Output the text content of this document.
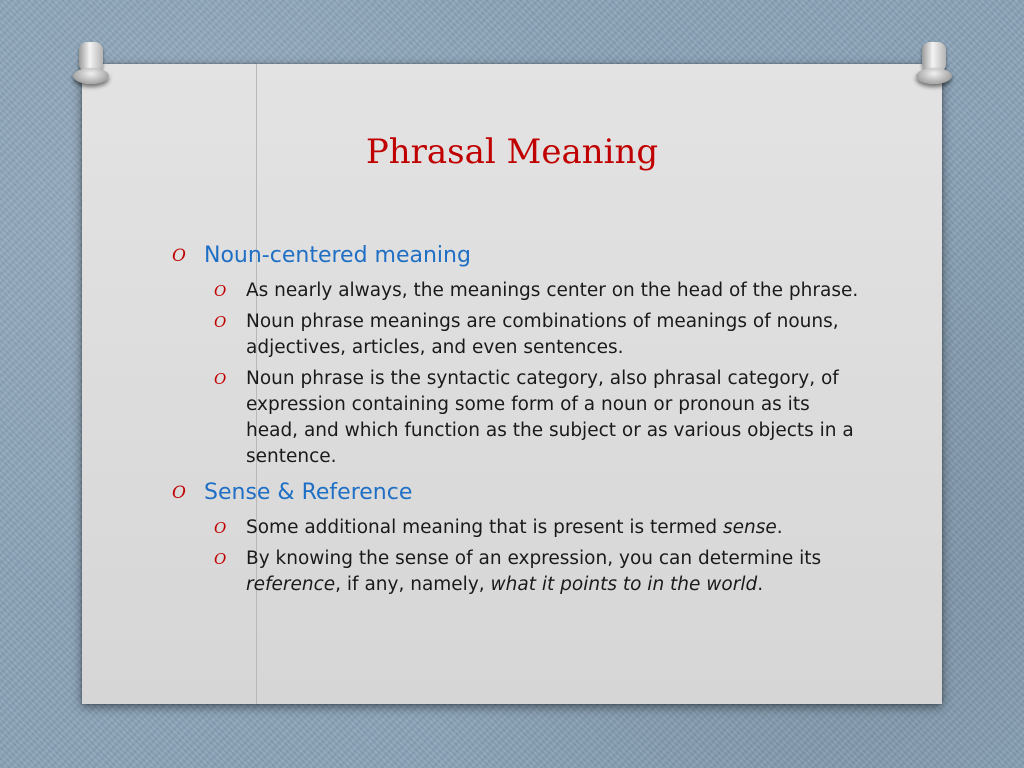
Phrasal Meaning
O Noun-centered meaning
O As nearly always, the meanings center on the head of the phrase.
O Noun phrase meanings are combinations of meanings of nouns, adjectives, articles, and even sentences.
O Noun phrase is the syntactic category, also phrasal category, of expression containing some form of a noun or pronoun as its head, and which function as the subject or as various objects in a sentence.
O Sense & Reference
O Some additional meaning that is present is termed sense.
O By knowing the sense of an expression, you can determine its reference, if any, namely, what it points to in the world.
